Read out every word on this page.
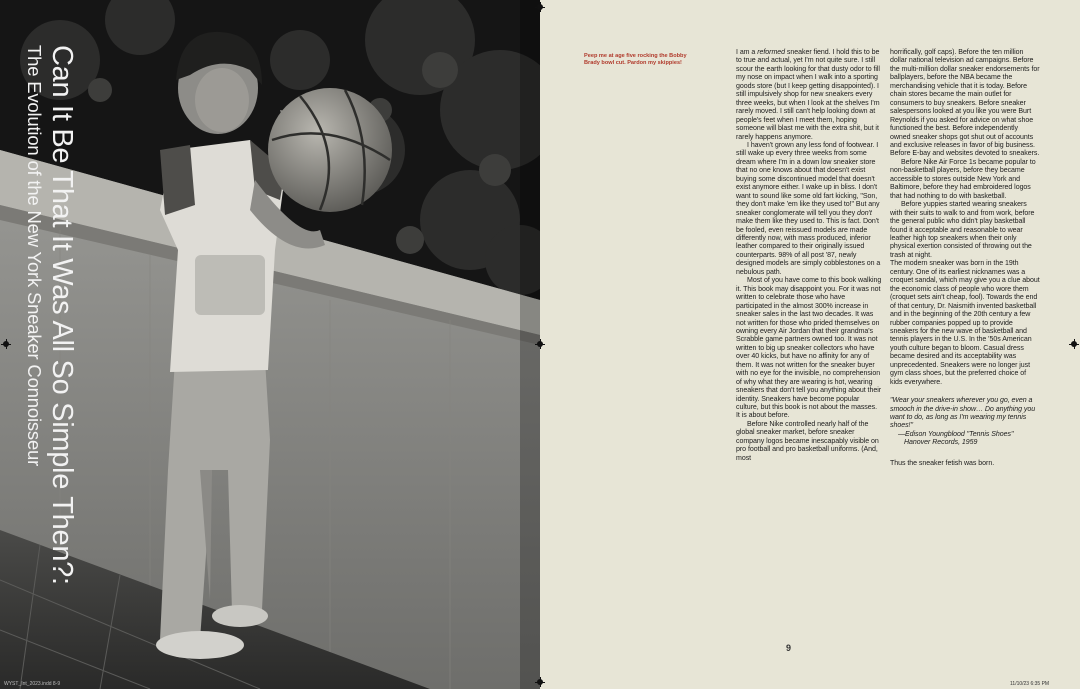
Can It Be That It Was All So Simple Then?:
The Evolution of the New York Sneaker Connoisseur
WYST_Int_2023.indd 8-9
Peep me at age five rocking the Bobby Brady bowl cut. Pardon my skippies!

I am a reformed sneaker fiend. I hold this to be to true and actual, yet I'm not quite sure. I still scour the earth looking for that dusty odor to fill my nose on impact when I walk into a sporting goods store (but I keep getting disappointed). I still impulsively shop for new sneakers every three weeks, but when I look at the shelves I'm rarely moved. I still can't help looking down at people's feet when I meet them, hoping someone will blast me with the extra shit, but it rarely happens anymore.

I haven't grown any less fond of footwear. I still wake up every three weeks from some dream where I'm in a down low sneaker store that no one knows about that doesn't exist buying some discontinued model that doesn't exist anymore either. I wake up in bliss. I don't want to sound like some old fart kicking, "Son, they don't make 'em like they used to!" But any sneaker conglomerate will tell you they don't make them like they used to. This is fact. Don't be fooled, even reissued models are made differently now, with mass produced, inferior leather compared to their originally issued counterparts. 98% of all post '87, newly designed models are simply cobblestones on a nebulous path.

Most of you have come to this book walking it. This book may disappoint you. For it was not written to celebrate those who have participated in the almost 300% increase in sneaker sales in the last two decades. It was not written for those who prided themselves on owning every Air Jordan that their grandma's Scrabble game partners owned too. It was not written to big up sneaker collectors who have over 40 kicks, but have no affinity for any of them. It was not written for the sneaker buyer with no eye for the invisible, no comprehension of why what they are wearing is hot, wearing sneakers that don't tell you anything about their identity. Sneakers have become popular culture, but this book is not about the masses. It is about before.

Before Nike controlled nearly half of the global sneaker market, before sneaker company logos became inescapably visible on pro football and pro basketball uniforms. (And, most

horrifically, golf caps). Before the ten million dollar national television ad campaigns. Before the multi-million dollar sneaker endorsements for ballplayers, before the NBA became the merchandising vehicle that it is today. Before chain stores became the main outlet for consumers to buy sneakers. Before sneaker salespersons looked at you like you were Burt Reynolds if you asked for advice on what shoe functioned the best. Before independently owned sneaker shops got shut out of accounts and exclusive releases in favor of big business. Before E-bay and websites devoted to sneakers.

Before Nike Air Force 1s became popular to non-basketball players, before they became accessible to stores outside New York and Baltimore, before they had embroidered logos that had nothing to do with basketball.

Before yuppies started wearing sneakers with their suits to walk to and from work, before the general public who didn't play basketball found it acceptable and reasonable to wear leather high top sneakers when their only physical exertion consisted of throwing out the trash at night.

The modern sneaker was born in the 19th century. One of its earliest nicknames was a croquet sandal, which may give you a clue about the economic class of people who wore them (croquet sets ain't cheap, fool). Towards the end of that century, Dr. Naismith invented basketball and in the beginning of the 20th century a few rubber companies popped up to provide sneakers for the new wave of basketball and tennis players in the U.S. In the '50s American youth culture began to bloom. Casual dress became desired and its acceptability was unprecedented. Sneakers were no longer just gym class shoes, but the preferred choice of kids everywhere.

"Wear your sneakers wherever you go, even a smooch in the drive-in show… Do anything you want to do, as long as I'm wearing my tennis shoes!"
—Edison Youngblood "Tennis Shoes"
Hanover Records, 1959

Thus the sneaker fetish was born.

9
11/10/23 6:35 PM
